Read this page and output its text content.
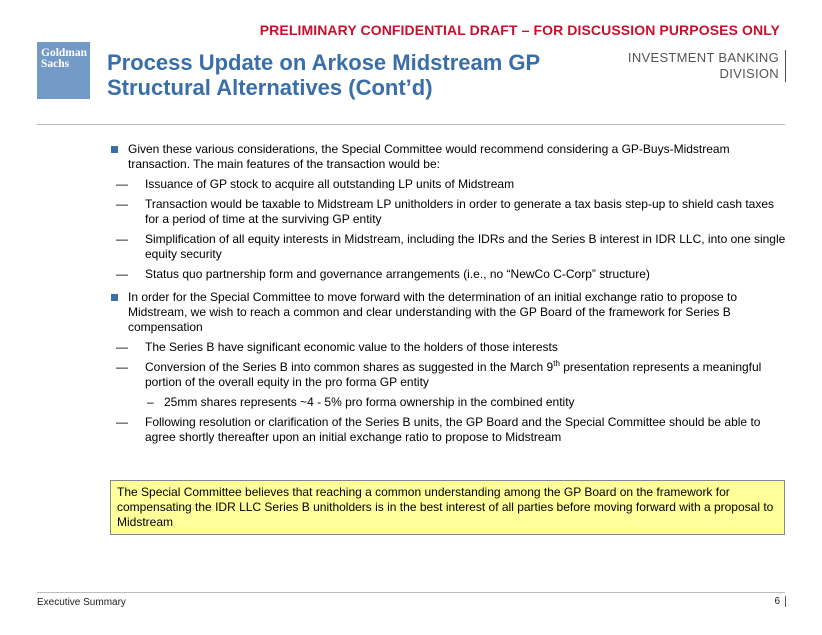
PRELIMINARY CONFIDENTIAL DRAFT – FOR DISCUSSION PURPOSES ONLY
Goldman
Sachs	Process Update on Arkose Midstream GP Structural Alternatives (Cont’d)
INVESTMENT BANKING
DIVISION
Given these various considerations, the Special Committee would recommend considering a GP-Buys-Midstream transaction. The main features of the transaction would be:
— Issuance of GP stock to acquire all outstanding LP units of Midstream
— Transaction would be taxable to Midstream LP unitholders in order to generate a tax basis step-up to shield cash taxes for a period of time at the surviving GP entity
— Simplification of all equity interests in Midstream, including the IDRs and the Series B interest in IDR LLC, into one single equity security
— Status quo partnership form and governance arrangements (i.e., no “NewCo C-Corp” structure)
In order for the Special Committee to move forward with the determination of an initial exchange ratio to propose to Midstream, we wish to reach a common and clear understanding with the GP Board of the framework for Series B compensation
— The Series B have significant economic value to the holders of those interests
— Conversion of the Series B into common shares as suggested in the March 9th presentation represents a meaningful portion of the overall equity in the pro forma GP entity
– 25mm shares represents ~4 - 5% pro forma ownership in the combined entity
— Following resolution or clarification of the Series B units, the GP Board and the Special Committee should be able to agree shortly thereafter upon an initial exchange ratio to propose to Midstream
The Special Committee believes that reaching a common understanding among the GP Board on the framework for compensating the IDR LLC Series B unitholders is in the best interest of all parties before moving forward with a proposal to Midstream
Executive Summary	6
